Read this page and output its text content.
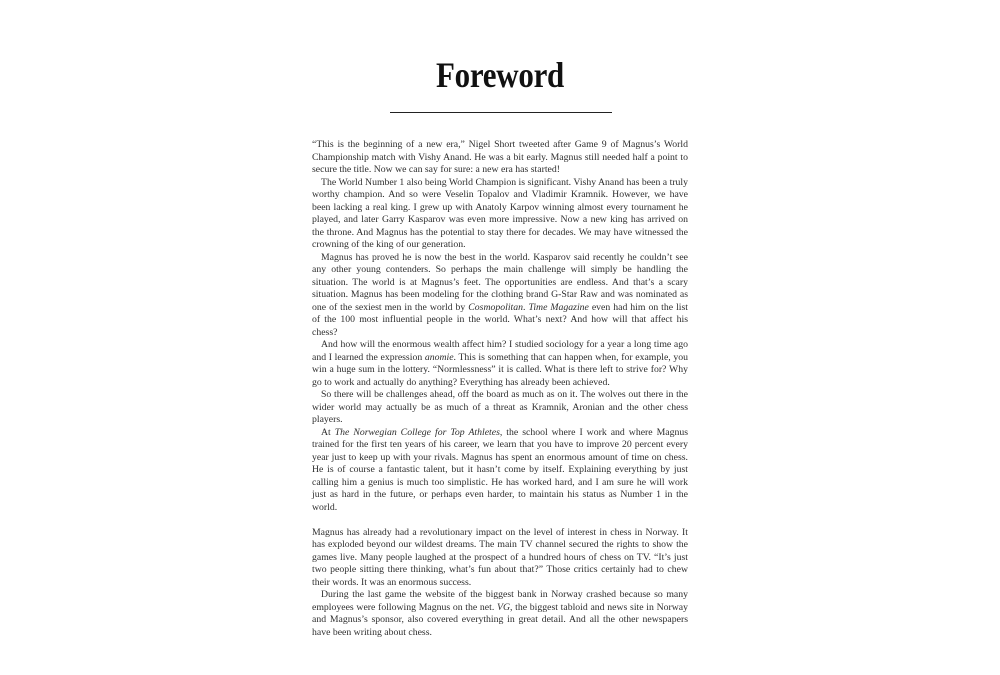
Foreword

“This is the beginning of a new era,” Nigel Short tweeted after Game 9 of Magnus’s World Championship match with Vishy Anand. He was a bit early. Magnus still needed half a point to secure the title. Now we can say for sure: a new era has started!

The World Number 1 also being World Champion is significant. Vishy Anand has been a truly worthy champion. And so were Veselin Topalov and Vladimir Kramnik. However, we have been lacking a real king. I grew up with Anatoly Karpov winning almost every tournament he played, and later Garry Kasparov was even more impressive. Now a new king has arrived on the throne. And Magnus has the potential to stay there for decades. We may have witnessed the crowning of the king of our generation.

Magnus has proved he is now the best in the world. Kasparov said recently he couldn’t see any other young contenders. So perhaps the main challenge will simply be handling the situation. The world is at Magnus’s feet. The opportunities are endless. And that’s a scary situation. Magnus has been modeling for the clothing brand G-Star Raw and was nominated as one of the sexiest men in the world by Cosmopolitan. Time Magazine even had him on the list of the 100 most influential people in the world. What’s next? And how will that affect his chess?

And how will the enormous wealth affect him? I studied sociology for a year a long time ago and I learned the expression anomie. This is something that can happen when, for example, you win a huge sum in the lottery. “Normlessness” it is called. What is there left to strive for? Why go to work and actually do anything? Everything has already been achieved.

So there will be challenges ahead, off the board as much as on it. The wolves out there in the wider world may actually be as much of a threat as Kramnik, Aronian and the other chess players.

At The Norwegian College for Top Athletes, the school where I work and where Magnus trained for the first ten years of his career, we learn that you have to improve 20 percent every year just to keep up with your rivals. Magnus has spent an enormous amount of time on chess. He is of course a fantastic talent, but it hasn’t come by itself. Explaining everything by just calling him a genius is much too simplistic. He has worked hard, and I am sure he will work just as hard in the future, or perhaps even harder, to maintain his status as Number 1 in the world.

Magnus has already had a revolutionary impact on the level of interest in chess in Norway. It has exploded beyond our wildest dreams. The main TV channel secured the rights to show the games live. Many people laughed at the prospect of a hundred hours of chess on TV. “It’s just two people sitting there thinking, what’s fun about that?” Those critics certainly had to chew their words. It was an enormous success.

During the last game the website of the biggest bank in Norway crashed because so many employees were following Magnus on the net. VG, the biggest tabloid and news site in Norway and Magnus’s sponsor, also covered everything in great detail. And all the other newspapers have been writing about chess.
